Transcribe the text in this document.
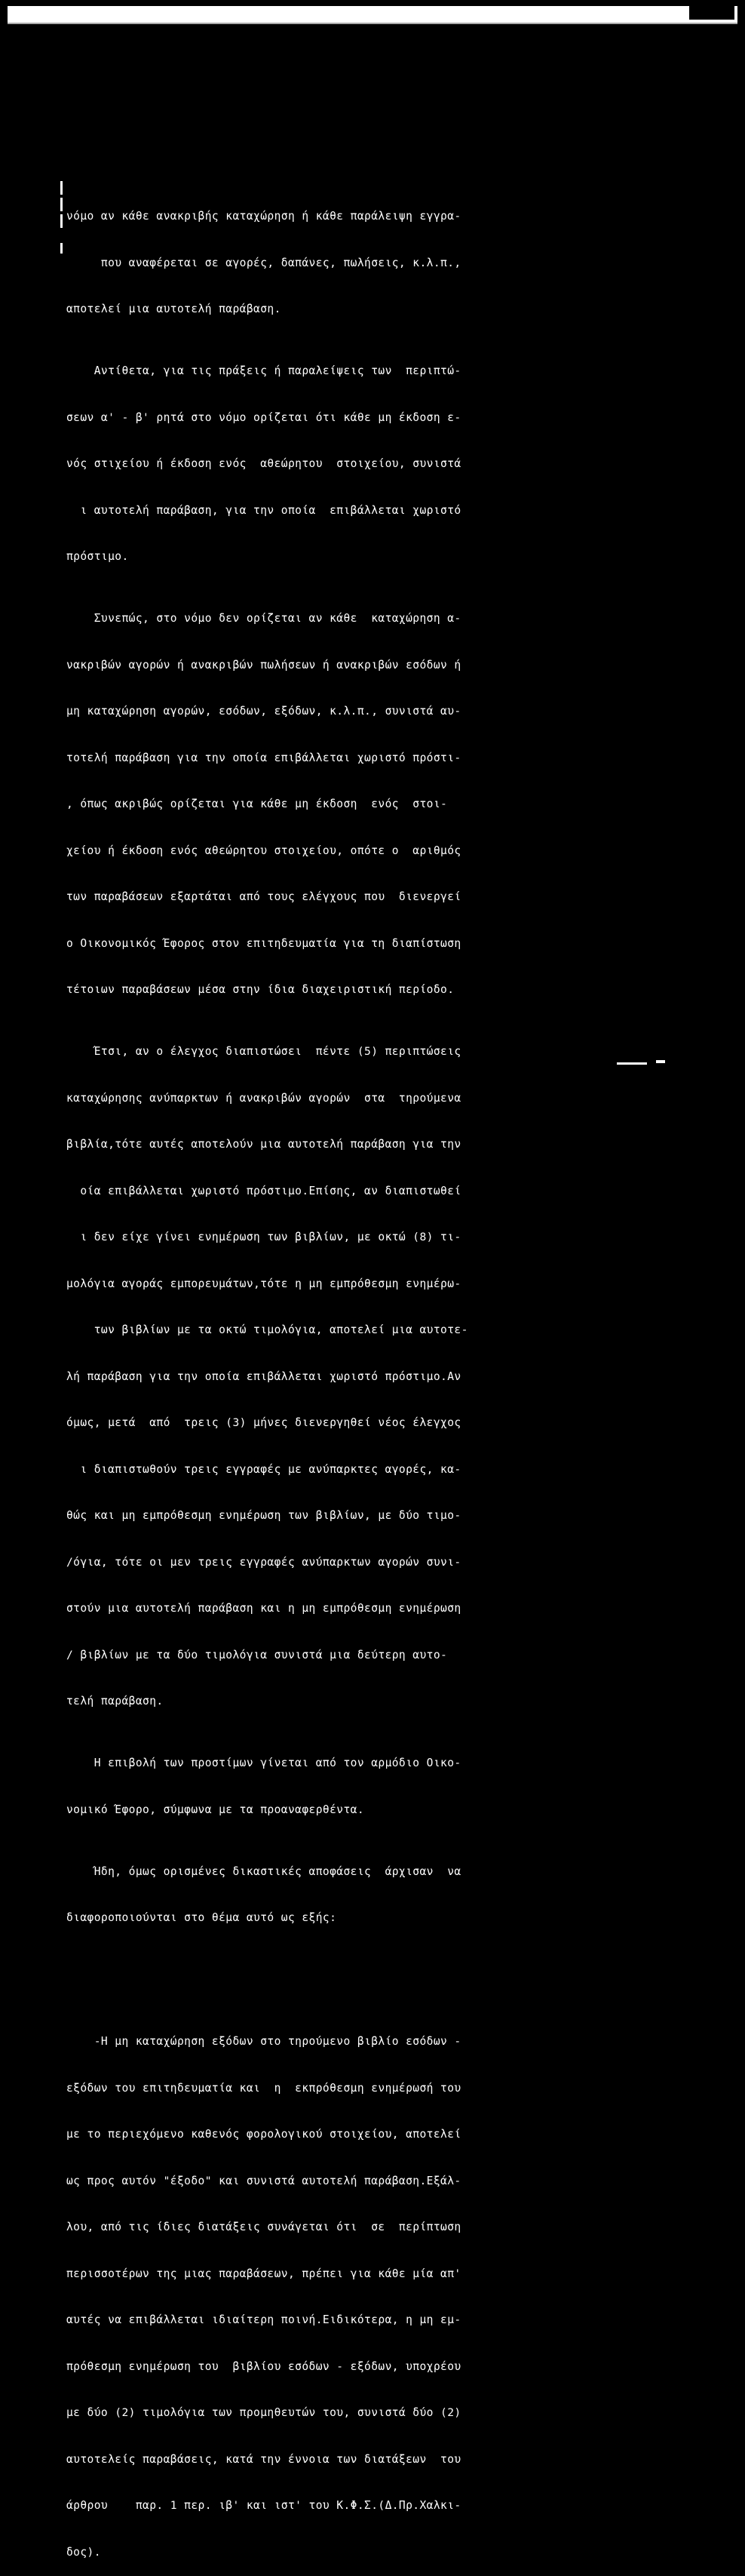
νόμο αν κάθε ανακριβής καταχώρηση ή κάθε παράλειψη εγγρα-

που αναφέρεται σε αγορές, δαπάνες, πωλήσεις, κ.λ.π.,

αποτελεί μια αυτοτελή παράβαση.

Αντίθετα, για τις πράξεις ή παραλείψεις των  περιπτώ-

σεων α' - β' ρητά στο νόμο ορίζεται ότι κάθε μη έκδοση ε-

νός στιχείου ή έκδοση ενός  αθεώρητου  στοιχείου, συνιστά

ι αυτοτελή παράβαση, για την οποία  επιβάλλεται χωριστό

πρόστιμο.

Συνεπώς, στο νόμο δεν ορίζεται αν κάθε  καταχώρηση α-

νακριβών αγορών ή ανακριβών πωλήσεων ή ανακριβών εσόδων ή

μη καταχώρηση αγορών, εσόδων, εξόδων, κ.λ.π., συνιστά αυ-

τοτελή παράβαση για την οποία επιβάλλεται χωριστό πρόστι-

, όπως ακριβώς ορίζεται για κάθε μη έκδοση  ενός  στοι-

χείου ή έκδοση ενός αθεώρητου στοιχείου, οπότε ο  αριθμός

των παραβάσεων εξαρτάται από τους ελέγχους που  διενεργεί

ο Οικονομικός Έφορος στον επιτηδευματία για τη διαπίστωση

τέτοιων παραβάσεων μέσα στην ίδια διαχειριστική περίοδο.

Έτσι, αν ο έλεγχος διαπιστώσει  πέντε (5) περιπτώσεις

καταχώρησης ανύπαρκτων ή ανακριβών αγορών  στα  τηρούμενα

βιβλία,τότε αυτές αποτελούν μια αυτοτελή παράβαση για την

οία επιβάλλεται χωριστό πρόστιμο.Επίσης, αν διαπιστωθεί

ι δεν είχε γίνει ενημέρωση των βιβλίων, με οκτώ (8) τι-

μολόγια αγοράς εμπορευμάτων,τότε η μη εμπρόθεσμη ενημέρω-

των βιβλίων με τα οκτώ τιμολόγια, αποτελεί μια αυτοτε-

λή παράβαση για την οποία επιβάλλεται χωριστό πρόστιμο.Αν

όμως, μετά  από  τρεις (3) μήνες διενεργηθεί νέος έλεγχος

ι διαπιστωθούν τρεις εγγραφές με ανύπαρκτες αγορές, κα-

θώς και μη εμπρόθεσμη ενημέρωση των βιβλίων, με δύο τιμο-

/όγια, τότε οι μεν τρεις εγγραφές ανύπαρκτων αγορών συνι-

στούν μια αυτοτελή παράβαση και η μη εμπρόθεσμη ενημέρωση

/ βιβλίων με τα δύο τιμολόγια συνιστά μια δεύτερη αυτο-

τελή παράβαση.

Η επιβολή των προστίμων γίνεται από τον αρμόδιο Οικο-

νομικό Έφορο, σύμφωνα με τα προαναφερθέντα.

Ήδη, όμως ορισμένες δικαστικές αποφάσεις  άρχισαν  να

διαφοροποιούνται στο θέμα αυτό ως εξής:

-Η μη καταχώρηση εξόδων στο τηρούμενο βιβλίο εσόδων -

εξόδων του επιτηδευματία και  η  εκπρόθεσμη ενημέρωσή του

με το περιεχόμενο καθενός φορολογικού στοιχείου, αποτελεί

ως προς αυτόν "έξοδο" και συνιστά αυτοτελή παράβαση.Εξάλ-

λου, από τις ίδιες διατάξεις συνάγεται ότι  σε  περίπτωση

περισσοτέρων της μιας παραβάσεων, πρέπει για κάθε μία απ'

αυτές να επιβάλλεται ιδιαίτερη ποινή.Ειδικότερα, η μη εμ-

πρόθεσμη ενημέρωση του  βιβλίου εσόδων - εξόδων, υποχρέου

με δύο (2) τιμολόγια των προμηθευτών του, συνιστά δύο (2)

αυτοτελείς παραβάσεις, κατά την έννοια των διατάξεων  του

άρθρου    παρ. 1 περ. ιβ' και ιστ' του Κ.Φ.Σ.(Δ.Πρ.Χαλκι-

δος).
